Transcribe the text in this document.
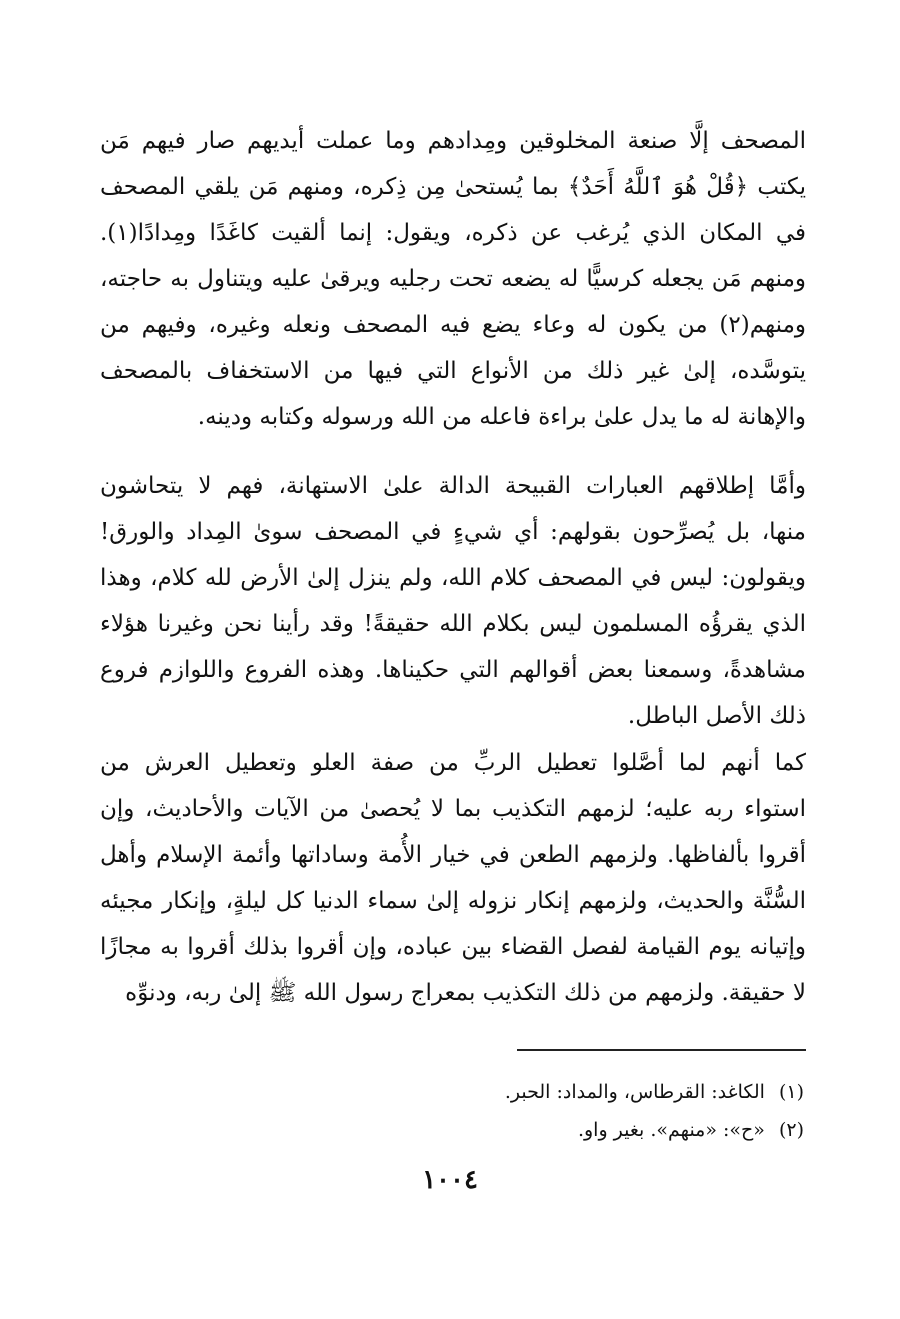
المصحف إلَّا صنعة المخلوقين ومِدادهم وما عملت أيديهم صار فيهم مَن
يكتب ﴿قُلْ هُوَ ٱللَّهُ أَحَدٌ﴾ بما يُستحىٰ مِن ذِكره، ومنهم مَن يلقي المصحف
في المكان الذي يُرغب عن ذكره، ويقول: إنما ألقيت كاغَدًا ومِدادًا(١).
ومنهم مَن يجعله كرسيًّا له يضعه تحت رجليه ويرقىٰ عليه ويتناول به حاجته،
ومنهم(٢) من يكون له وعاء يضع فيه المصحف ونعله وغيره، وفيهم من
يتوسَّده، إلىٰ غير ذلك من الأنواع التي فيها من الاستخفاف بالمصحف
والإهانة له ما يدل علىٰ براءة فاعله من الله ورسوله وكتابه ودينه.
وأمَّا إطلاقهم العبارات القبيحة الدالة علىٰ الاستهانة، فهم لا يتحاشون
منها، بل يُصرِّحون بقولهم: أي شيءٍ في المصحف سوىٰ المِداد والورق!
ويقولون: ليس في المصحف كلام الله، ولم ينزل إلىٰ الأرض لله كلام، وهذا
الذي يقرؤُه المسلمون ليس بكلام الله حقيقةً! وقد رأينا نحن وغيرنا هؤلاء
مشاهدةً، وسمعنا بعض أقوالهم التي حكيناها. وهذه الفروع واللوازم فروع
ذلك الأصل الباطل.
كما أنهم لما أصَّلوا تعطيل الربِّ من صفة العلو وتعطيل العرش من
استواء ربه عليه؛ لزمهم التكذيب بما لا يُحصىٰ من الآيات والأحاديث، وإن
أقروا بألفاظها. ولزمهم الطعن في خيار الأُمة وساداتها وأئمة الإسلام وأهل
السُّنَّة والحديث، ولزمهم إنكار نزوله إلىٰ سماء الدنيا كل ليلةٍ، وإنكار مجيئه
وإتيانه يوم القيامة لفصل القضاء بين عباده، وإن أقروا بذلك أقروا به مجازًا
لا حقيقة. ولزمهم من ذلك التكذيب بمعراج رسول الله ﷺ إلىٰ ربه، ودنوِّه
(١)الكاغد: القرطاس، والمداد: الحبر.
(٢)«ح»: «منهم». بغير واو.
١٠٠٤
